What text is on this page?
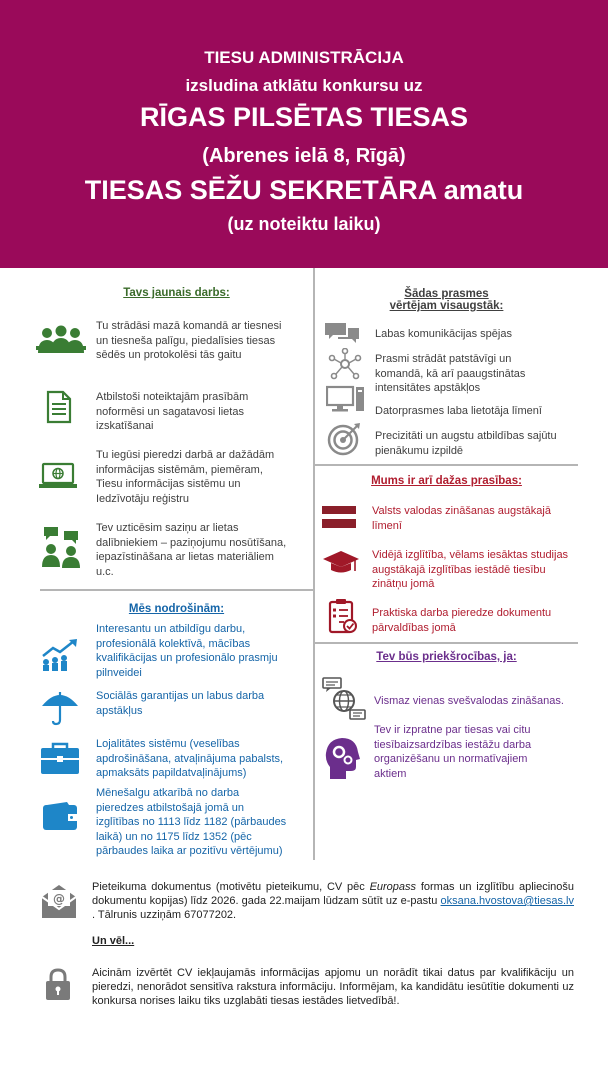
TIESU ADMINISTRĀCIJA
izsludina atklātu konkursu uz
RĪGAS PILSĒTAS TIESAS
(Abrenes ielā 8, Rīgā)
TIESAS SĒŽU SEKRETĀRA amatu
(uz noteiktu laiku)
Tavs jaunais darbs:
Tu strādāsi mazā komandā ar tiesnesi
un tiesneša palīgu, piedalīsies tiesas
sēdēs un protokolēsi tās gaitu
Atbilstoši noteiktajām prasībām
noformēsi un sagatavosi lietas
izskatīšanai
Tu iegūsi pieredzi darbā ar dažādām
informācijas sistēmām, piemēram,
Tiesu informācijas sistēmu un
Iedzīvotāju reģistru
Tev uzticēsim saziņu ar lietas
dalībniekiem – paziņojumu nosūtīšana,
iepazīstināšana ar lietas materiāliem
u.c.
Mēs nodrošinām:
Interesantu un atbildīgu darbu,
profesionālā kolektīvā, mācības
kvalifikācijas un profesionālo prasmju
pilnveidei
Sociālās garantijas un labus darba
apstākļus
Lojalitātes sistēmu (veselības
apdrošināšana, atvaļinājuma pabalsts,
apmaksāts papildatvaļinājums)
Mēnešalgu atkarībā no darba
pieredzes atbilstošajā jomā un
izglītības no 1113 līdz 1182 (pārbaudes
laikā) un no 1175 līdz 1352 (pēc
pārbaudes laika ar pozitīvu vērtējumu)
Šādas prasmes
vērtējam visaugstāk:
Labas komunikācijas spējas
Prasmi strādāt patstāvīgi un
komandā, kā arī paaugstinātas
intensitātes apstākļos
Datorprasmes laba lietotāja līmenī
Precizitāti un augstu atbildības sajūtu
pienākumu izpildē
Mums ir arī dažas prasības:
Valsts valodas zināšanas augstākajā
līmenī
Vidējā izglītība, vēlams iesāktas studijas
augstākajā izglītības iestādē tiesību
zinātņu jomā
Praktiska darba pieredze dokumentu
pārvaldības jomā
Tev būs priekšrocības, ja:
Vismaz vienas svešvalodas zināšanas.
Tev ir izpratne par tiesas vai citu
tiesībaizsardzības iestāžu darba
organizēšanu un normatīvajiem
aktiem
@
Pieteikuma dokumentus (motivētu pieteikumu, CV pēc Europass formas un izglītību apliecinošu dokumentu kopijas) līdz 2026. gada 22.maijam lūdzam sūtīt uz e-pastu oksana.hvostova@tiesas.lv . Tālrunis uzziņām 67077202.
Un vēl...
Aicinām izvērtēt CV iekļaujamās informācijas apjomu un norādīt tikai datus par kvalifikāciju un pieredzi, nenorādot sensitīva rakstura informāciju. Informējam, ka kandidātu iesūtītie dokumenti uz konkursa norises laiku tiks uzglabāti tiesas iestādes lietvedībā!.
